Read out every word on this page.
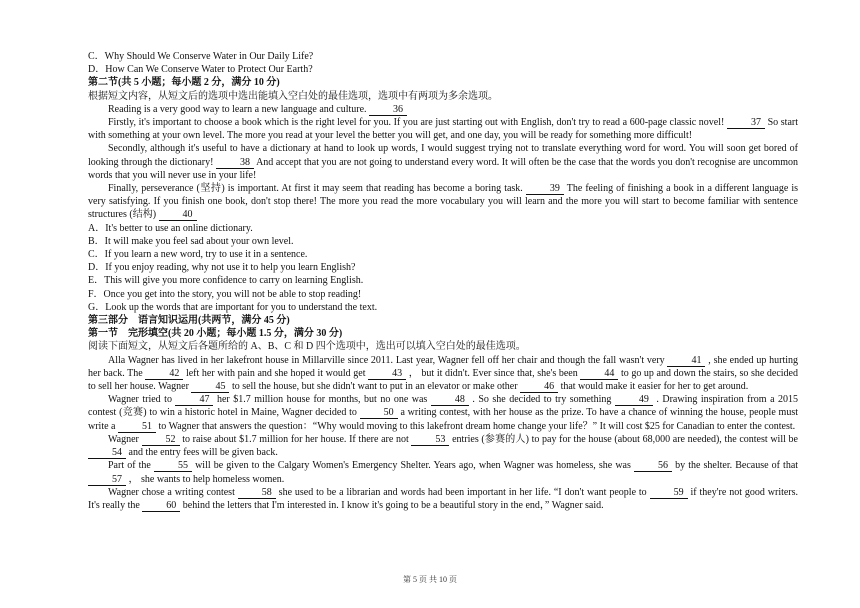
C．Why Should We Conserve Water in Our Daily Life?
D．How Can We Conserve Water to Protect Our Earth?
第二节(共 5 小题；每小题 2 分，满分 10 分)
根据短文内容，从短文后的选项中选出能填入空白处的最佳选项，选项中有两项为多余选项。
Reading is a very good way to learn a new language and culture.	36
Firstly, it's important to choose a book which is the right level for you. If you are just starting out with English, don't try to read a 600-page classic novel!	37 So start with something at your own level. The more you read at your level the better you will get, and one day, you will be ready for something more difficult!
Secondly, although it's useful to have a dictionary at hand to look up words, I would suggest trying not to translate everything word for word. You will soon get bored of looking through the dictionary!	38 And accept that you are not going to understand every word. It will often be the case that the words you don't recognise are uncommon words that you will never use in your life!
Finally, perseverance (坚持) is important. At first it may seem that reading has become a boring task.	39 The feeling of finishing a book in a different language is very satisfying. If you finish one book, don't stop there! The more you read the more vocabulary you will learn and the more you will start to become familiar with sentence structures (结构)	40
A．It's better to use an online dictionary.
B．It will make you feel sad about your own level.
C．If you learn a new word, try to use it in a sentence.
D．If you enjoy reading, why not use it to help you learn English?
E．This will give you more confidence to carry on learning English.
F．Once you get into the story, you will not be able to stop reading!
G．Look up the words that are important for you to understand the text.
第三部分　语言知识运用(共两节，满分 45 分)
第一节　完形填空(共 20 小题；每小题 1.5 分，满分 30 分)
阅读下面短文，从短文后各题所给的 A、B、C 和 D 四个选项中，选出可以填入空白处的最佳选项。
Alla Wagner has lived in her lakefront house in Millarville since 2011. Last year, Wagner fell off her chair and though the fall wasn't very	41 , she ended up hurting her back. The	42 left her with pain and she hoped it would get	43 ， but it didn't. Ever since that, she's been	44 to go up and down the stairs, so she decided to sell her house. Wagner	45 to sell the house, but she didn't want to put in an elevator or make other	46 that would make it easier for her to get around.
Wagner tried to	47 her $1.7 million house for months, but no one was	48 . So she decided to try something	49 . Drawing inspiration from a 2015 contest (竞赛) to win a historic hotel in Maine, Wagner decided to	50 a writing contest, with her house as the prize. To have a chance of winning the house, people must write a	51 to Wagner that answers the question：“Why would moving to this lakefront dream home change your life？” It will cost $25 for Canadian to enter the contest.
Wagner	52 to raise about $1.7 million for her house. If there are not	53 entries (参赛的人) to pay for the house (about 68,000 are needed), the contest will be 54 and the entry fees will be given back.
Part of the	55 will be given to the Calgary Women's Emergency Shelter. Years ago, when Wagner was homeless, she was	56 by the shelter. Because of that 57 ， she wants to help homeless women.
Wagner chose a writing contest	58 she used to be a librarian and words had been important in her life. “I don't want people to	59 if they're not good writers. It's really the	60 behind the letters that I'm interested in. I know it's going to be a beautiful story in the end，” Wagner said.
第 5 页 共 10 页
